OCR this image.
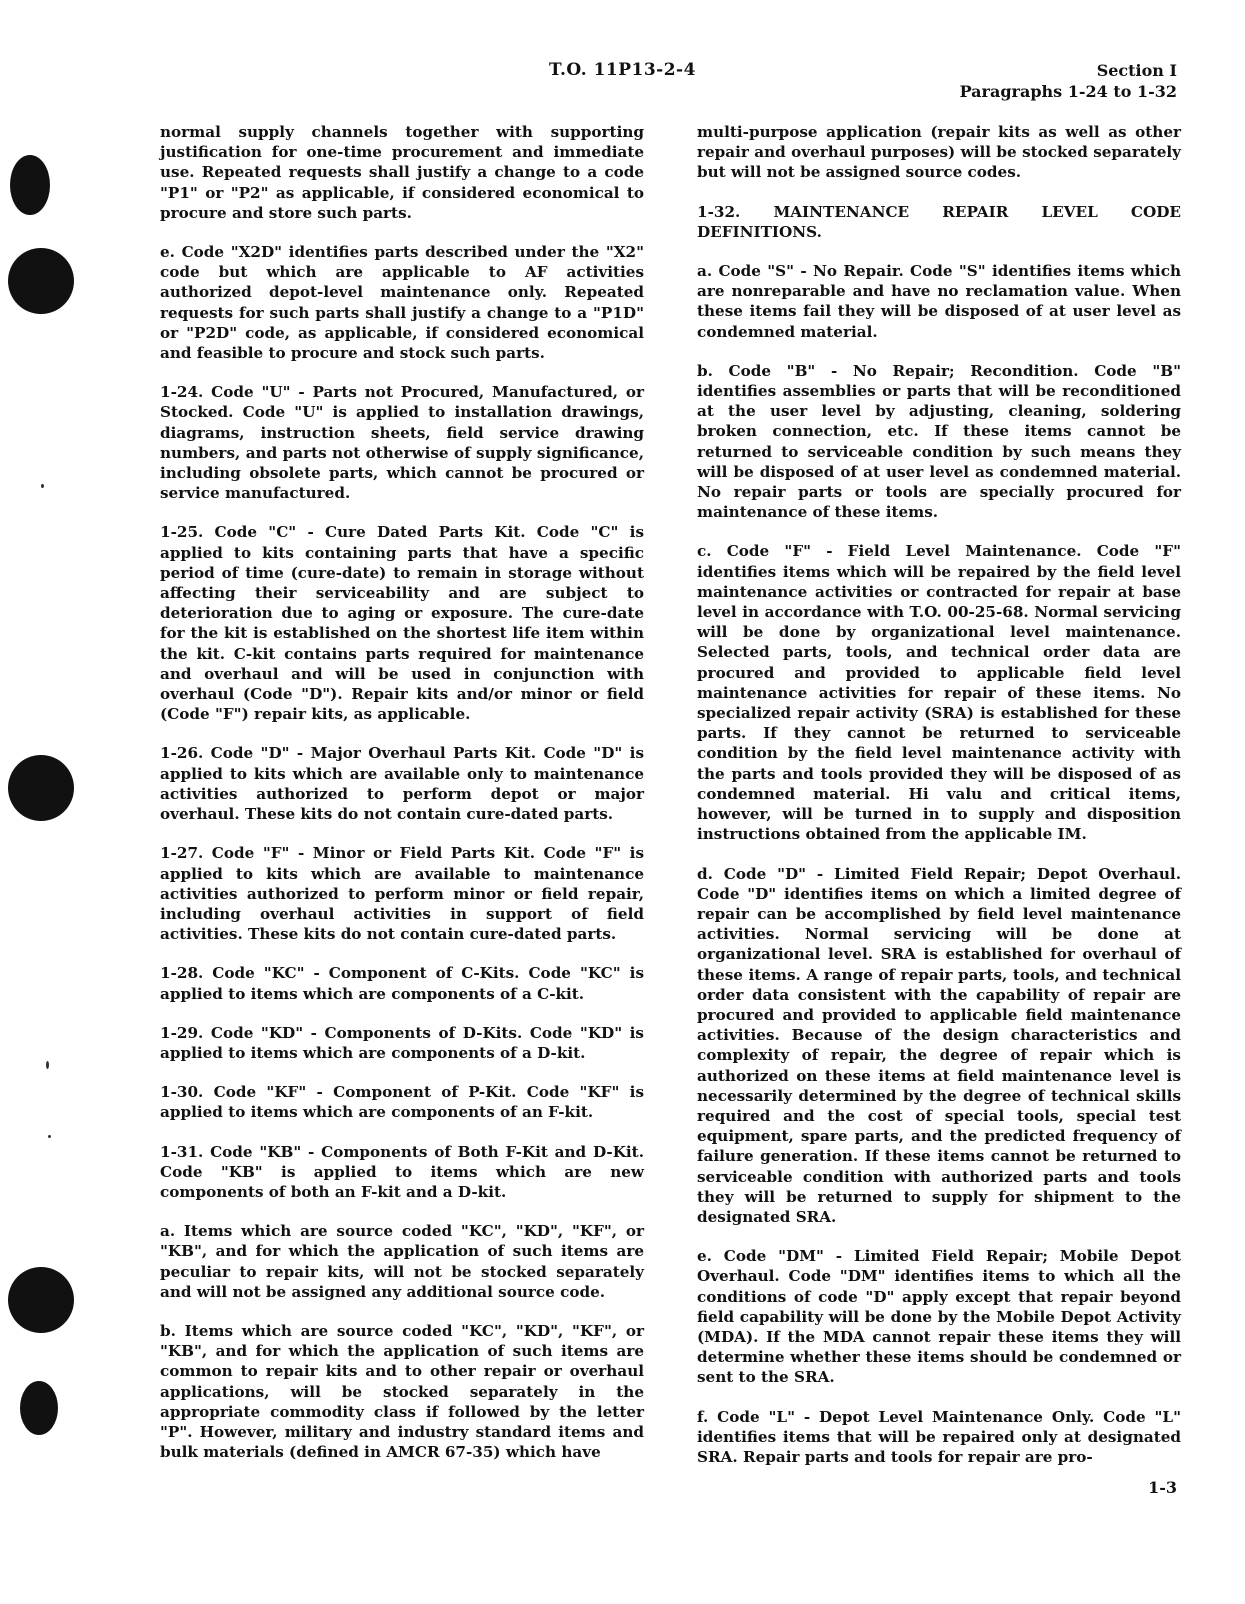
T.O. 11P13-2-4	Section I
Paragraphs 1-24 to 1-32

normal supply channels together with supporting justification for one-time procurement and immediate use. Repeated requests shall justify a change to a code "P1" or "P2" as applicable, if considered economical to procure and store such parts.

e. Code "X2D" identifies parts described under the "X2" code but which are applicable to AF activities authorized depot-level maintenance only. Repeated requests for such parts shall justify a change to a "P1D" or "P2D" code, as applicable, if considered economical and feasible to procure and stock such parts.

1-24. Code "U" - Parts not Procured, Manufactured, or Stocked. Code "U" is applied to installation drawings, diagrams, instruction sheets, field service drawing numbers, and parts not otherwise of supply significance, including obsolete parts, which cannot be procured or service manufactured.

1-25. Code "C" - Cure Dated Parts Kit. Code "C" is applied to kits containing parts that have a specific period of time (cure-date) to remain in storage without affecting their serviceability and are subject to deterioration due to aging or exposure. The cure-date for the kit is established on the shortest life item within the kit. C-kit contains parts required for maintenance and overhaul and will be used in conjunction with overhaul (Code "D"). Repair kits and/or minor or field (Code "F") repair kits, as applicable.

1-26. Code "D" - Major Overhaul Parts Kit. Code "D" is applied to kits which are available only to maintenance activities authorized to perform depot or major overhaul. These kits do not contain cure-dated parts.

1-27. Code "F" - Minor or Field Parts Kit. Code "F" is applied to kits which are available to maintenance activities authorized to perform minor or field repair, including overhaul activities in support of field activities. These kits do not contain cure-dated parts.

1-28. Code "KC" - Component of C-Kits. Code "KC" is applied to items which are components of a C-kit.

1-29. Code "KD" - Components of D-Kits. Code "KD" is applied to items which are components of a D-kit.

1-30. Code "KF" - Component of P-Kit. Code "KF" is applied to items which are components of an F-kit.

1-31. Code "KB" - Components of Both F-Kit and D-Kit. Code "KB" is applied to items which are new components of both an F-kit and a D-kit.

a. Items which are source coded "KC", "KD", "KF", or "KB", and for which the application of such items are peculiar to repair kits, will not be stocked separately and will not be assigned any additional source code.

b. Items which are source coded "KC", "KD", "KF", or "KB", and for which the application of such items are common to repair kits and to other repair or overhaul applications, will be stocked separately in the appropriate commodity class if followed by the letter "P". However, military and industry standard items and bulk materials (defined in AMCR 67-35) which have

multi-purpose application (repair kits as well as other repair and overhaul purposes) will be stocked separately but will not be assigned source codes.

1-32. MAINTENANCE REPAIR LEVEL CODE DEFINITIONS.

a. Code "S" - No Repair. Code "S" identifies items which are nonreparable and have no reclamation value. When these items fail they will be disposed of at user level as condemned material.

b. Code "B" - No Repair; Recondition. Code "B" identifies assemblies or parts that will be reconditioned at the user level by adjusting, cleaning, soldering broken connection, etc. If these items cannot be returned to serviceable condition by such means they will be disposed of at user level as condemned material. No repair parts or tools are specially procured for maintenance of these items.

c. Code "F" - Field Level Maintenance. Code "F" identifies items which will be repaired by the field level maintenance activities or contracted for repair at base level in accordance with T.O. 00-25-68. Normal servicing will be done by organizational level maintenance. Selected parts, tools, and technical order data are procured and provided to applicable field level maintenance activities for repair of these items. No specialized repair activity (SRA) is established for these parts. If they cannot be returned to serviceable condition by the field level maintenance activity with the parts and tools provided they will be disposed of as condemned material. Hi valu and critical items, however, will be turned in to supply and disposition instructions obtained from the applicable IM.

d. Code "D" - Limited Field Repair; Depot Overhaul. Code "D" identifies items on which a limited degree of repair can be accomplished by field level maintenance activities. Normal servicing will be done at organizational level. SRA is established for overhaul of these items. A range of repair parts, tools, and technical order data consistent with the capability of repair are procured and provided to applicable field maintenance activities. Because of the design characteristics and complexity of repair, the degree of repair which is authorized on these items at field maintenance level is necessarily determined by the degree of technical skills required and the cost of special tools, special test equipment, spare parts, and the predicted frequency of failure generation. If these items cannot be returned to serviceable condition with authorized parts and tools they will be returned to supply for shipment to the designated SRA.

e. Code "DM" - Limited Field Repair; Mobile Depot Overhaul. Code "DM" identifies items to which all the conditions of code "D" apply except that repair beyond field capability will be done by the Mobile Depot Activity (MDA). If the MDA cannot repair these items they will determine whether these items should be condemned or sent to the SRA.

f. Code "L" - Depot Level Maintenance Only. Code "L" identifies items that will be repaired only at designated SRA. Repair parts and tools for repair are pro-

1-3
